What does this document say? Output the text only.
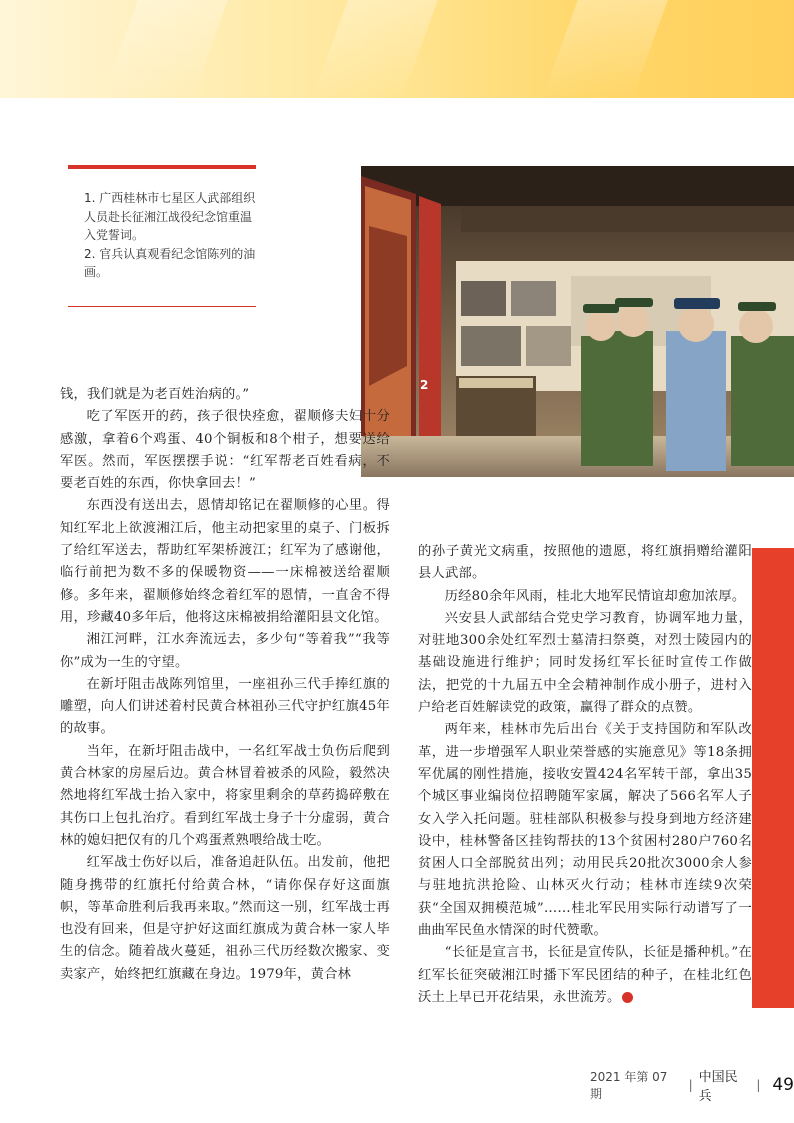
1. 广西桂林市七星区人武部组织人员赴长征湘江战役纪念馆重温入党誓词。

2. 官兵认真观看纪念馆陈列的油画。

2

钱，我们就是为老百姓治病的。”

吃了军医开的药，孩子很快痊愈，翟顺修夫妇十分感激，拿着6个鸡蛋、40个铜板和8个柑子，想要送给军医。然而，军医摆摆手说：“红军帮老百姓看病，不要老百姓的东西，你快拿回去！”

东西没有送出去，恩情却铭记在翟顺修的心里。得知红军北上欲渡湘江后，他主动把家里的桌子、门板拆了给红军送去，帮助红军架桥渡江；红军为了感谢他，临行前把为数不多的保暖物资——一床棉被送给翟顺修。多年来，翟顺修始终念着红军的恩情，一直舍不得用，珍藏40多年后，他将这床棉被捐给灌阳县文化馆。

湘江河畔，江水奔流远去，多少句“等着我”“我等你”成为一生的守望。

在新圩阻击战陈列馆里，一座祖孙三代手捧红旗的雕塑，向人们讲述着村民黄合林祖孙三代守护红旗45年的故事。

当年，在新圩阻击战中，一名红军战士负伤后爬到黄合林家的房屋后边。黄合林冒着被杀的风险，毅然决然地将红军战士抬入家中，将家里剩余的草药捣碎敷在其伤口上包扎治疗。看到红军战士身子十分虚弱，黄合林的媳妇把仅有的几个鸡蛋煮熟喂给战士吃。

红军战士伤好以后，准备追赶队伍。出发前，他把随身携带的红旗托付给黄合林，“请你保存好这面旗帜，等革命胜利后我再来取。”然而这一别，红军战士再也没有回来，但是守护好这面红旗成为黄合林一家人毕生的信念。随着战火蔓延，祖孙三代历经数次搬家、变卖家产，始终把红旗藏在身边。1979年，黄合林

的孙子黄光文病重，按照他的遗愿，将红旗捐赠给灌阳县人武部。

历经80余年风雨，桂北大地军民情谊却愈加浓厚。

兴安县人武部结合党史学习教育，协调军地力量，对驻地300余处红军烈士墓清扫祭奠，对烈士陵园内的基础设施进行维护；同时发扬红军长征时宣传工作做法，把党的十九届五中全会精神制作成小册子，进村入户给老百姓解读党的政策，赢得了群众的点赞。

两年来，桂林市先后出台《关于支持国防和军队改革，进一步增强军人职业荣誉感的实施意见》等18条拥军优属的刚性措施，接收安置424名军转干部，拿出35个城区事业编岗位招聘随军家属，解决了566名军人子女入学入托问题。驻桂部队积极参与投身到地方经济建设中，桂林警备区挂钩帮扶的13个贫困村280户760名贫困人口全部脱贫出列；动用民兵20批次3000余人参与驻地抗洪抢险、山林灭火行动；桂林市连续9次荣获“全国双拥模范城”……桂北军民用实际行动谱写了一曲曲军民鱼水情深的时代赞歌。

“长征是宣言书，长征是宣传队，长征是播种机。”在红军长征突破湘江时播下军民团结的种子，在桂北红色沃土上早已开花结果，永世流芳。

2021 年第 07 期
| 中国民兵
| 49
